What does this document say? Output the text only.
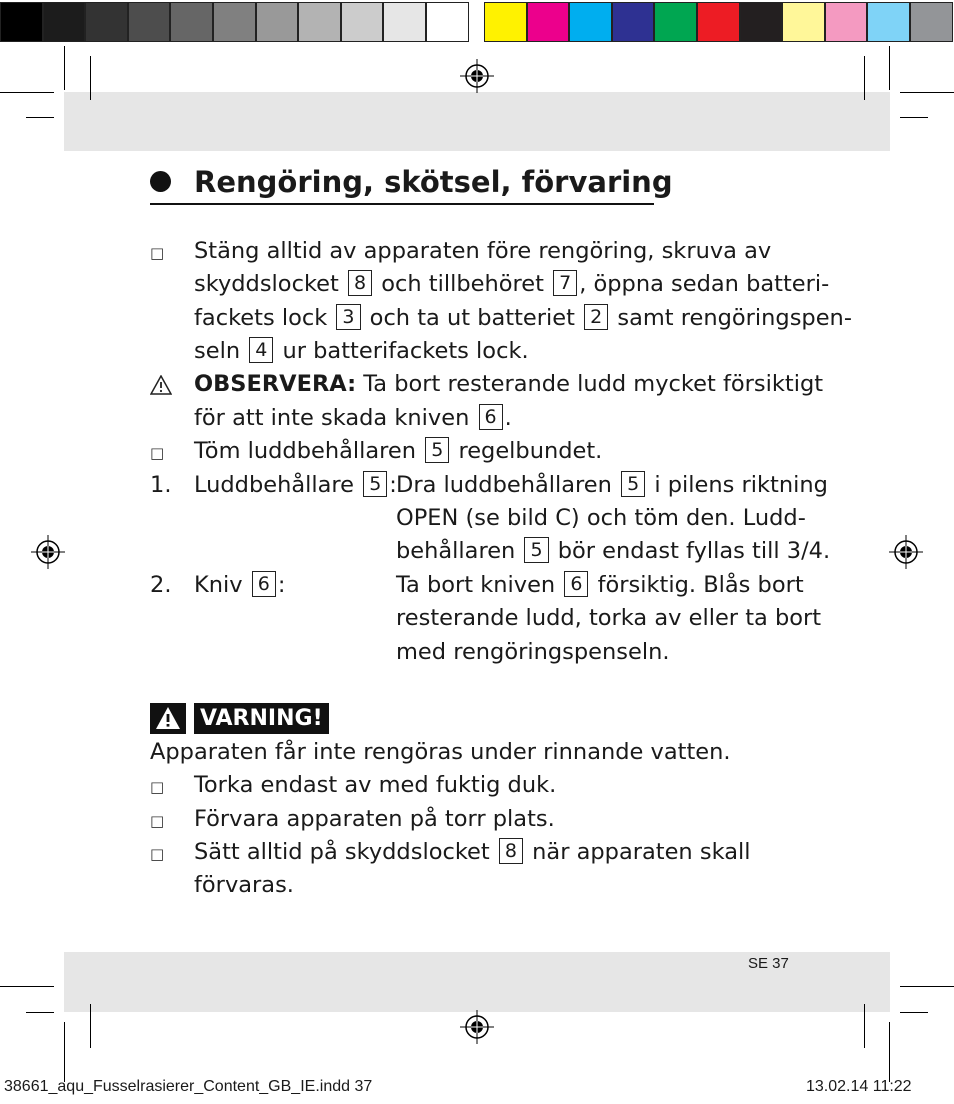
Rengöring, skötsel, förvaring
□ Stäng alltid av apparaten före rengöring, skruva av
skyddslocket 8 och tillbehöret 7 , öppna sedan batteri-
fackets lock 3 och ta ut batteriet 2 samt rengöringspen-
seln 4 ur batterifackets lock.
OBSERVERA: Ta bort resterande ludd mycket försiktigt
för att inte skada kniven 6 .
□ Töm luddbehållaren 5 regelbundet.
1. Luddbehållare 5 : Dra luddbehållaren 5 i pilens riktning
OPEN (se bild C) och töm den. Ludd-
behållaren 5 bör endast fyllas till 3/4.
2. Kniv 6 :	Ta bort kniven 6 försiktig. Blås bort
resterande ludd, torka av eller ta bort
med rengöringspenseln.
VARNING!
Apparaten får inte rengöras under rinnande vatten.
□ Torka endast av med fuktig duk.
□ Förvara apparaten på torr plats.
□ Sätt alltid på skyddslocket 8 när apparaten skall
förvaras.
SE 37
38661_aqu_Fusselrasierer_Content_GB_IE.indd 37	13.02.14 11:22
